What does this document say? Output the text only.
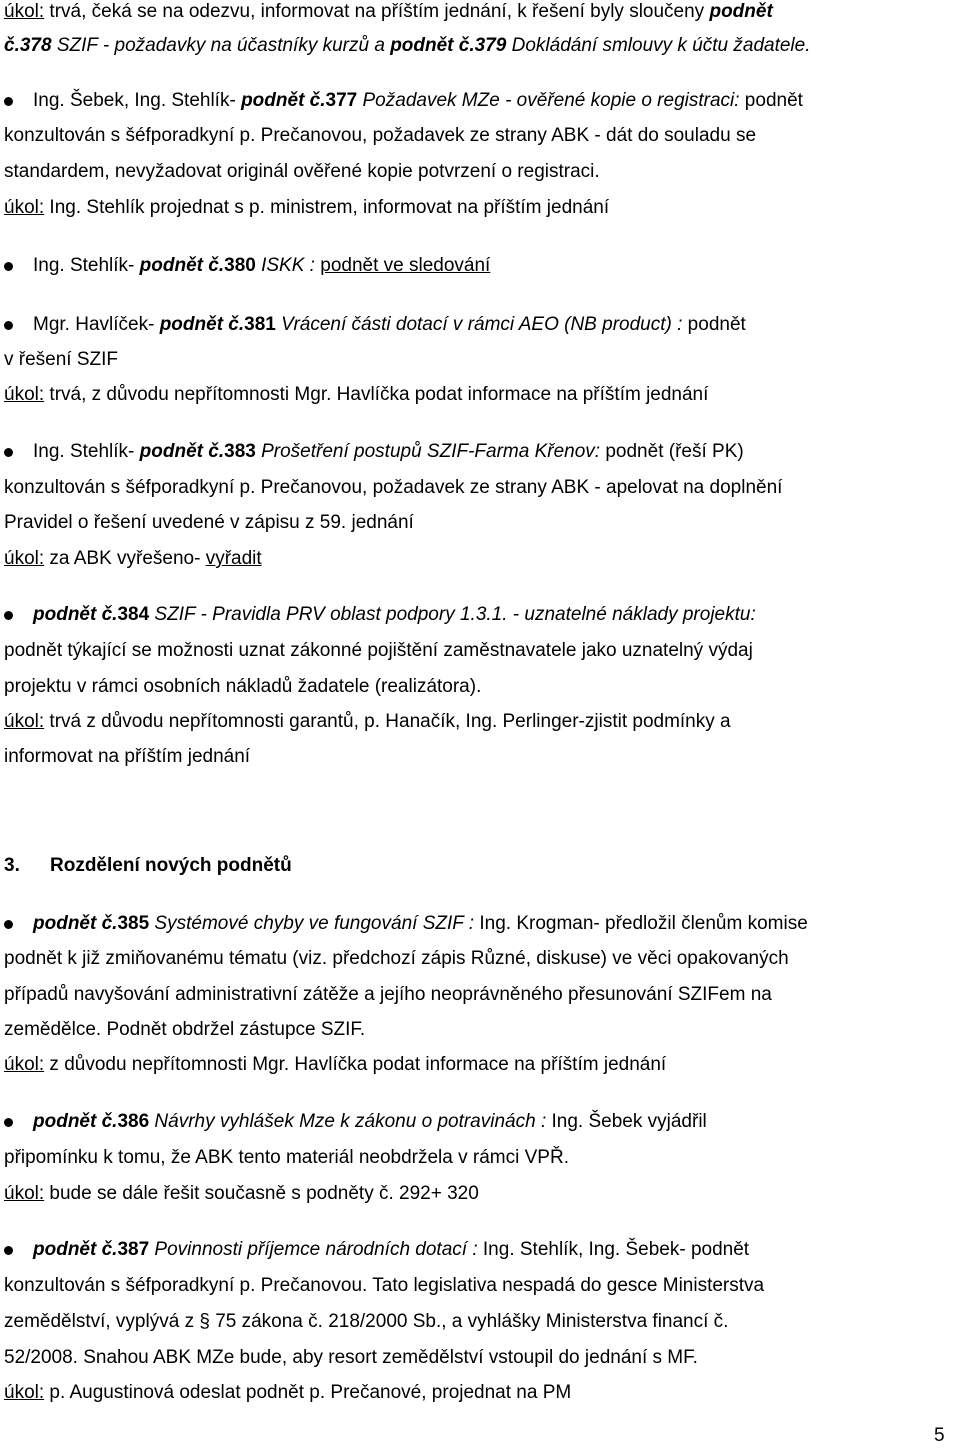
úkol: trvá, čeká se na odezvu, informovat na příštím jednání, k řešení byly sloučeny podnět
č.378 SZIF - požadavky na účastníky kurzů a podnět č.379 Dokládání smlouvy k účtu žadatele.
Ing. Šebek, Ing. Stehlík- podnět č.377 Požadavek MZe - ověřené kopie o registraci: podnět
konzultován s šéfporadkyní p. Prečanovou, požadavek ze strany ABK - dát do souladu se
standardem, nevyžadovat originál ověřené kopie potvrzení o registraci.
úkol: Ing. Stehlík projednat s p. ministrem, informovat na příštím jednání
Ing. Stehlík- podnět č.380 ISKK : podnět ve sledování
Mgr. Havlíček- podnět č.381 Vrácení části dotací v rámci AEO (NB product) : podnět
v řešení SZIF
úkol: trvá, z důvodu nepřítomnosti Mgr. Havlíčka podat informace na příštím jednání
Ing. Stehlík- podnět č.383 Prošetření postupů SZIF-Farma Křenov: podnět (řeší PK)
konzultován s šéfporadkyní p. Prečanovou, požadavek ze strany ABK - apelovat na doplnění
Pravidel o řešení uvedené v zápisu z 59. jednání
úkol: za ABK vyřešeno- vyřadit
podnět č.384 SZIF - Pravidla PRV oblast podpory 1.3.1. - uznatelné náklady projektu:
podnět týkající se možnosti uznat zákonné pojištění zaměstnavatele jako uznatelný výdaj
projektu v rámci osobních nákladů žadatele (realizátora).
úkol: trvá z důvodu nepřítomnosti garantů, p. Hanačík, Ing. Perlinger-zjistit podmínky a
informovat na příštím jednání
3. Rozdělení nových podnětů
podnět č.385 Systémové chyby ve fungování SZIF : Ing. Krogman- předložil členům komise
podnět k již zmiňovanému tématu (viz. předchozí zápis Různé, diskuse) ve věci opakovaných
případů navyšování administrativní zátěže a jejího neoprávněného přesunování SZIFem na
zemědělce. Podnět obdržel zástupce SZIF.
úkol: z důvodu nepřítomnosti Mgr. Havlíčka podat informace na příštím jednání
podnět č.386 Návrhy vyhlášek Mze k zákonu o potravinách : Ing. Šebek vyjádřil
připomínku k tomu, že ABK tento materiál neobdržela v rámci VPŘ.
úkol: bude se dále řešit současně s podněty č. 292+ 320
podnět č.387 Povinnosti příjemce národních dotací : Ing. Stehlík, Ing. Šebek- podnět
konzultován s šéfporadkyní p. Prečanovou. Tato legislativa nespadá do gesce Ministerstva
zemědělství, vyplývá z § 75 zákona č. 218/2000 Sb., a vyhlášky Ministerstva financí č.
52/2008. Snahou ABK MZe bude, aby resort zemědělství vstoupil do jednání s MF.
úkol: p. Augustinová odeslat podnět p. Prečanové, projednat na PM
5
